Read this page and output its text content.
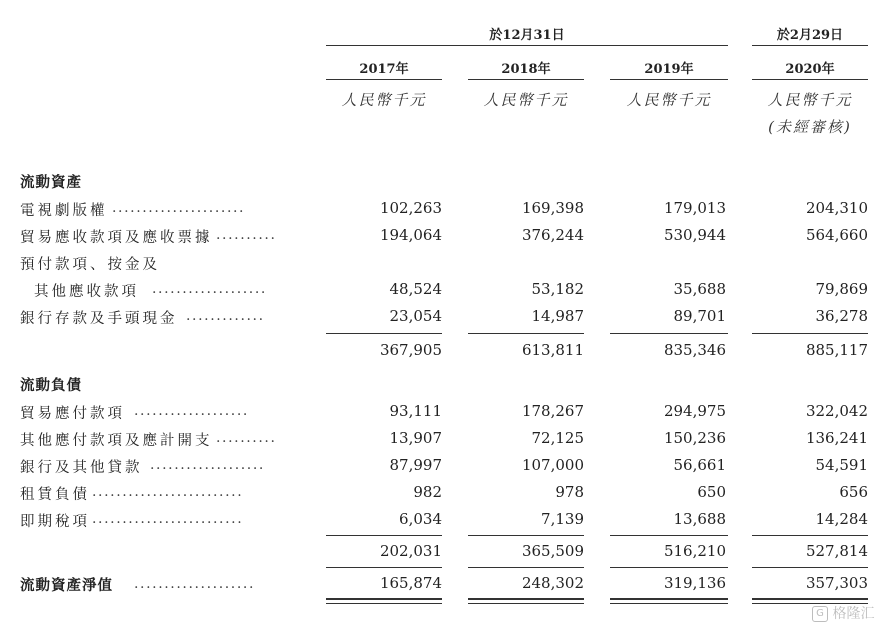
於12月31日	於2月29日
2017年	2018年	2019年	2020年
人民幣千元	人民幣千元	人民幣千元	人民幣千元
(未經審核)
流動資產
電視劇版權 ......................	102,263	169,398	179,013	204,310
貿易應收款項及應收票據 ..........	194,064	376,244	530,944	564,660
預付款項、按金及
其他應收款項 ...................	48,524	53,182	35,688	79,869
銀行存款及手頭現金 .............	23,054	14,987	89,701	36,278
367,905	613,811	835,346	885,117
流動負債
貿易應付款項 ...................	93,111	178,267	294,975	322,042
其他應付款項及應計開支 ..........	13,907	72,125	150,236	136,241
銀行及其他貸款 ...................	87,997	107,000	56,661	54,591
租賃負債 .........................	982	978	650	656
即期稅項 .........................	6,034	7,139	13,688	14,284
202,031	365,509	516,210	527,814
流動資產淨值 ....................	165,874	248,302	319,136	357,303
G 格隆汇
